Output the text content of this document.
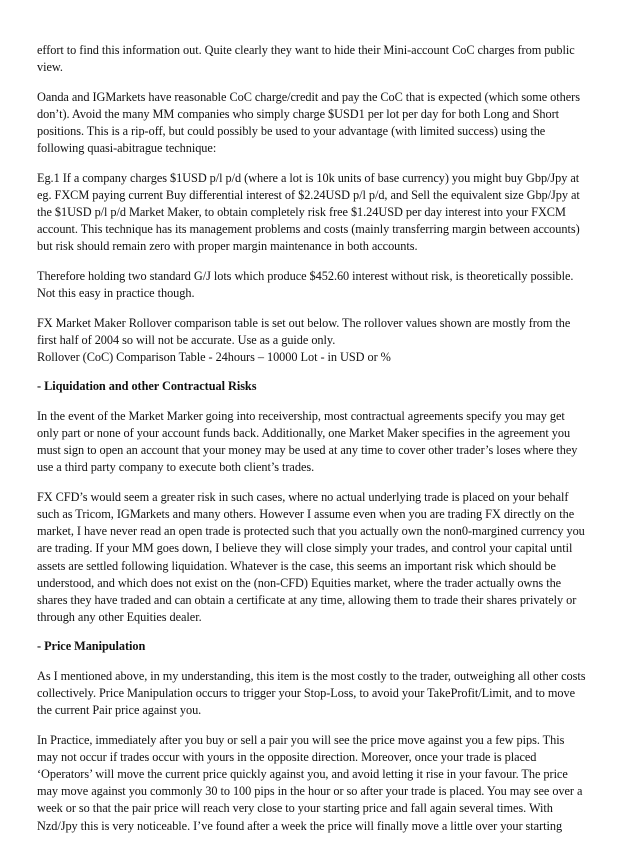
effort to find this information out. Quite clearly they want to hide their Mini-account CoC charges from public
view.

Oanda and IGMarkets have reasonable CoC charge/credit and pay the CoC that is expected (which some others
don’t). Avoid the many MM companies who simply charge $USD1 per lot per day for both Long and Short
positions. This is a rip-off, but could possibly be used to your advantage (with limited success) using the
following quasi-abitrague technique:

Eg.1 If a company charges $1USD p/l p/d (where a lot is 10k units of base currency) you might buy Gbp/Jpy at
eg. FXCM paying current Buy differential interest of $2.24USD p/l p/d, and Sell the equivalent size Gbp/Jpy at
the $1USD p/l p/d Market Maker, to obtain completely risk free $1.24USD per day interest into your FXCM
account. This technique has its management problems and costs (mainly transferring margin between accounts)
but risk should remain zero with proper margin maintenance in both accounts.

Therefore holding two standard G/J lots which produce $452.60 interest without risk, is theoretically possible.
Not this easy in practice though.

FX Market Maker Rollover comparison table is set out below. The rollover values shown are mostly from the
first half of 2004 so will not be accurate. Use as a guide only.
Rollover (CoC) Comparison Table - 24hours – 10000 Lot - in USD or %

- Liquidation and other Contractual Risks

In the event of the Market Marker going into receivership, most contractual agreements specify you may get
only part or none of your account funds back. Additionally, one Market Maker specifies in the agreement you
must sign to open an account that your money may be used at any time to cover other trader’s loses where they
use a third party company to execute both client’s trades.

FX CFD’s would seem a greater risk in such cases, where no actual underlying trade is placed on your behalf
such as Tricom, IGMarkets and many others. However I assume even when you are trading FX directly on the
market, I have never read an open trade is protected such that you actually own the non0-margined currency you
are trading. If your MM goes down, I believe they will close simply your trades, and control your capital until
assets are settled following liquidation. Whatever is the case, this seems an important risk which should be
understood, and which does not exist on the (non-CFD) Equities market, where the trader actually owns the
shares they have traded and can obtain a certificate at any time, allowing them to trade their shares privately or
through any other Equities dealer.

- Price Manipulation

As I mentioned above, in my understanding, this item is the most costly to the trader, outweighing all other costs
collectively. Price Manipulation occurs to trigger your Stop-Loss, to avoid your TakeProfit/Limit, and to move
the current Pair price against you.

In Practice, immediately after you buy or sell a pair you will see the price move against you a few pips. This
may not occur if trades occur with yours in the opposite direction. Moreover, once your trade is placed
‘Operators’ will move the current price quickly against you, and avoid letting it rise in your favour. The price
may move against you commonly 30 to 100 pips in the hour or so after your trade is placed. You may see over a
week or so that the pair price will reach very close to your starting price and fall again several times. With
Nzd/Jpy this is very noticeable. I’ve found after a week the price will finally move a little over your starting
